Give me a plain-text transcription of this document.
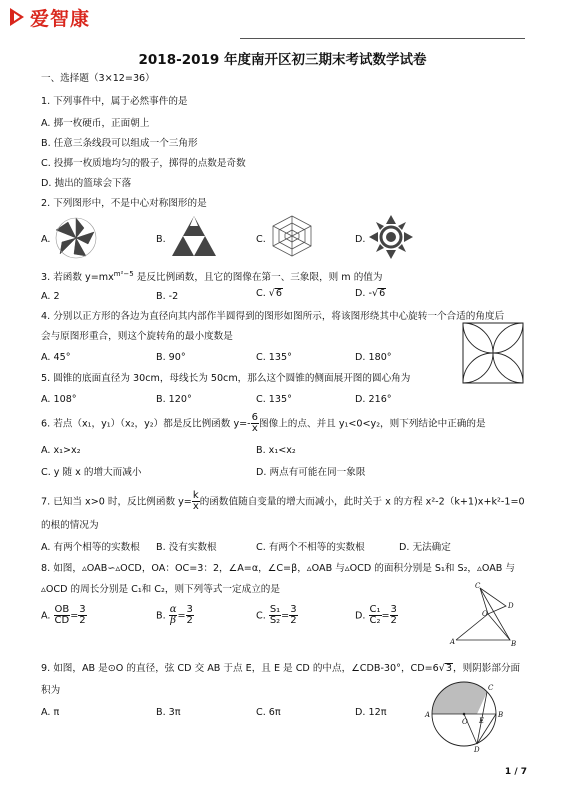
爱智康
2018-2019 年度南开区初三期末考试数学试卷
一、选择题（3×12=36）
1. 下列事件中，属于必然事件的是
A. 掷一枚硬币，正面朝上
B. 任意三条线段可以组成一个三角形
C. 投掷一枚质地均匀的骰子，掷得的点数是奇数
D. 抛出的篮球会下落
2. 下列图形中，不是中心对称图形的是
A.	B.	C.	D.
3. 若函数 $y=mx^{m^2-5}$ 是反比例函数，且它的图像在第一、三象限，则 m 的值为
A. 2	B. -2	C. √6	D. -√6
4. 分别以正方形的各边为直径向其内部作半圆得到的图形如图所示，将该图形绕其中心旋转一个合适的角度后
会与原图形重合，则这个旋转角的最小度数是
A. 45°	B. 90°	C. 135°	D. 180°
5. 圆锥的底面直径为 30cm，母线长为 50cm，那么这个圆锥的侧面展开图的圆心角为
A. 108°	B. 120°	C. 135°	D. 216°
6. 若点（x₁，y₁）（x₂，y₂）都是反比例函数 $y=- \frac{6}{x}$ 图像上的点、并且 y₁<0<y₂，则下列结论中正确的是
A. x₁>x₂	B. x₁<x₂
C. y 随 x 的增大而减小	D. 两点有可能在同一象限
7. 已知当 x>0 时，反比例函数 $y= \frac{k}{x}$ 的函数值随自变量的增大而减小，此时关于 x 的方程 x²-2（k+1)x+k²-1=0
的根的情况为
A. 有两个相等的实数根 B. 没有实数根	C. 有两个不相等的实数根	D. 无法确定
8. 如图，▵OAB∽▵OCD，OA：OC=3：2，∠A=α，∠C=β，▵OAB 与▵OCD 的面积分别是 S₁和 S₂，▵OAB 与
▵OCD 的周长分别是 C₁和 C₂，则下列等式一定成立的是
A. $\frac{OB}{CD} = \frac{3}{2}$	B. $\frac{\alpha}{\beta} = \frac{3}{2}$	C. $\frac{\text{S₁}}{\text{S₂}} = \frac{3}{2}$	D. $\frac{\text{C₁}}{\text{C₂}} = \frac{3}{2}$
C
O
D
A	B
9. 如图，AB 是⊙O 的直径，弦 CD 交 AB 于点 E，且 E 是 CD 的中点，∠CDB-30°，CD=6√3，则阴影部分面
积为
A. π	B. 3π	C. 6π	D. 12π	A	B
C
D
E
O
1 / 7
